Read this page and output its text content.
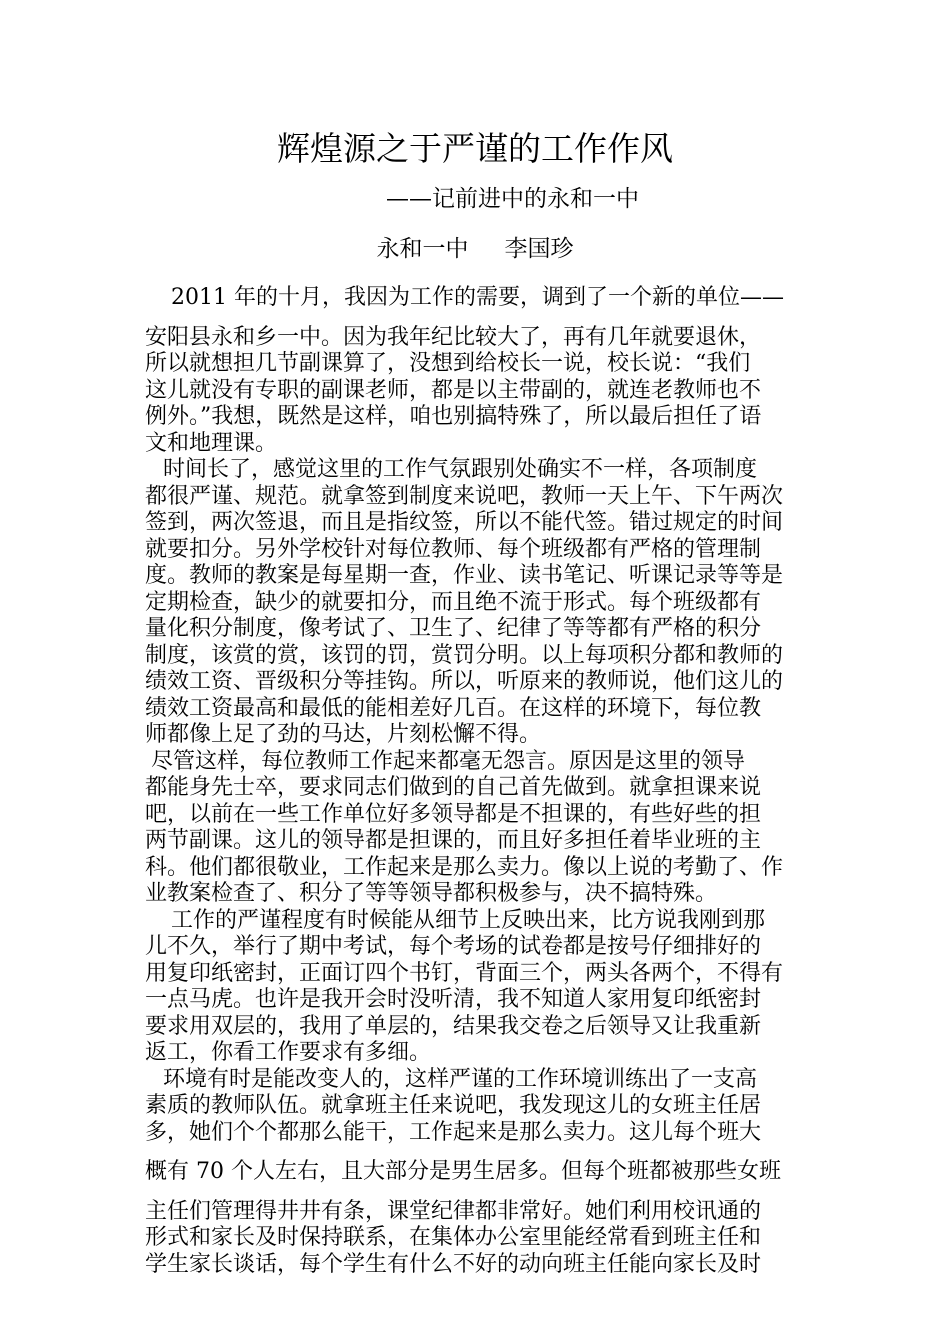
辉煌源之于严谨的工作作风
——记前进中的永和一中
永和一中 李国珍
2011 年的十月，我因为工作的需要，调到了一个新的单位——
安阳县永和乡一中。因为我年纪比较大了，再有几年就要退休，
所以就想担几节副课算了，没想到给校长一说，校长说：“我们
这儿就没有专职的副课老师，都是以主带副的，就连老教师也不
例外。”我想，既然是这样，咱也别搞特殊了，所以最后担任了语
文和地理课。
时间长了，感觉这里的工作气氛跟别处确实不一样，各项制度
都很严谨、规范。就拿签到制度来说吧，教师一天上午、下午两次
签到，两次签退，而且是指纹签，所以不能代签。错过规定的时间
就要扣分。另外学校针对每位教师、每个班级都有严格的管理制
度。教师的教案是每星期一查，作业、读书笔记、听课记录等等是
定期检查，缺少的就要扣分，而且绝不流于形式。每个班级都有
量化积分制度，像考试了、卫生了、纪律了等等都有严格的积分
制度，该赏的赏，该罚的罚，赏罚分明。以上每项积分都和教师的
绩效工资、晋级积分等挂钩。所以，听原来的教师说，他们这儿的
绩效工资最高和最低的能相差好几百。在这样的环境下，每位教
师都像上足了劲的马达，片刻松懈不得。
尽管这样，每位教师工作起来都毫无怨言。原因是这里的领导
都能身先士卒，要求同志们做到的自己首先做到。就拿担课来说
吧，以前在一些工作单位好多领导都是不担课的，有些好些的担
两节副课。这儿的领导都是担课的，而且好多担任着毕业班的主
科。他们都很敬业，工作起来是那么卖力。像以上说的考勤了、作
业教案检查了、积分了等等领导都积极参与，决不搞特殊。
工作的严谨程度有时候能从细节上反映出来，比方说我刚到那
儿不久，举行了期中考试，每个考场的试卷都是按号仔细排好的
用复印纸密封，正面订四个书钉，背面三个，两头各两个，不得有
一点马虎。也许是我开会时没听清，我不知道人家用复印纸密封
要求用双层的，我用了单层的，结果我交卷之后领导又让我重新
返工，你看工作要求有多细。
环境有时是能改变人的，这样严谨的工作环境训练出了一支高
素质的教师队伍。就拿班主任来说吧，我发现这儿的女班主任居
多，她们个个都那么能干，工作起来是那么卖力。这儿每个班大
概有 70 个人左右，且大部分是男生居多。但每个班都被那些女班
主任们管理得井井有条，课堂纪律都非常好。她们利用校讯通的
形式和家长及时保持联系，在集体办公室里能经常看到班主任和
学生家长谈话，每个学生有什么不好的动向班主任能向家长及时
